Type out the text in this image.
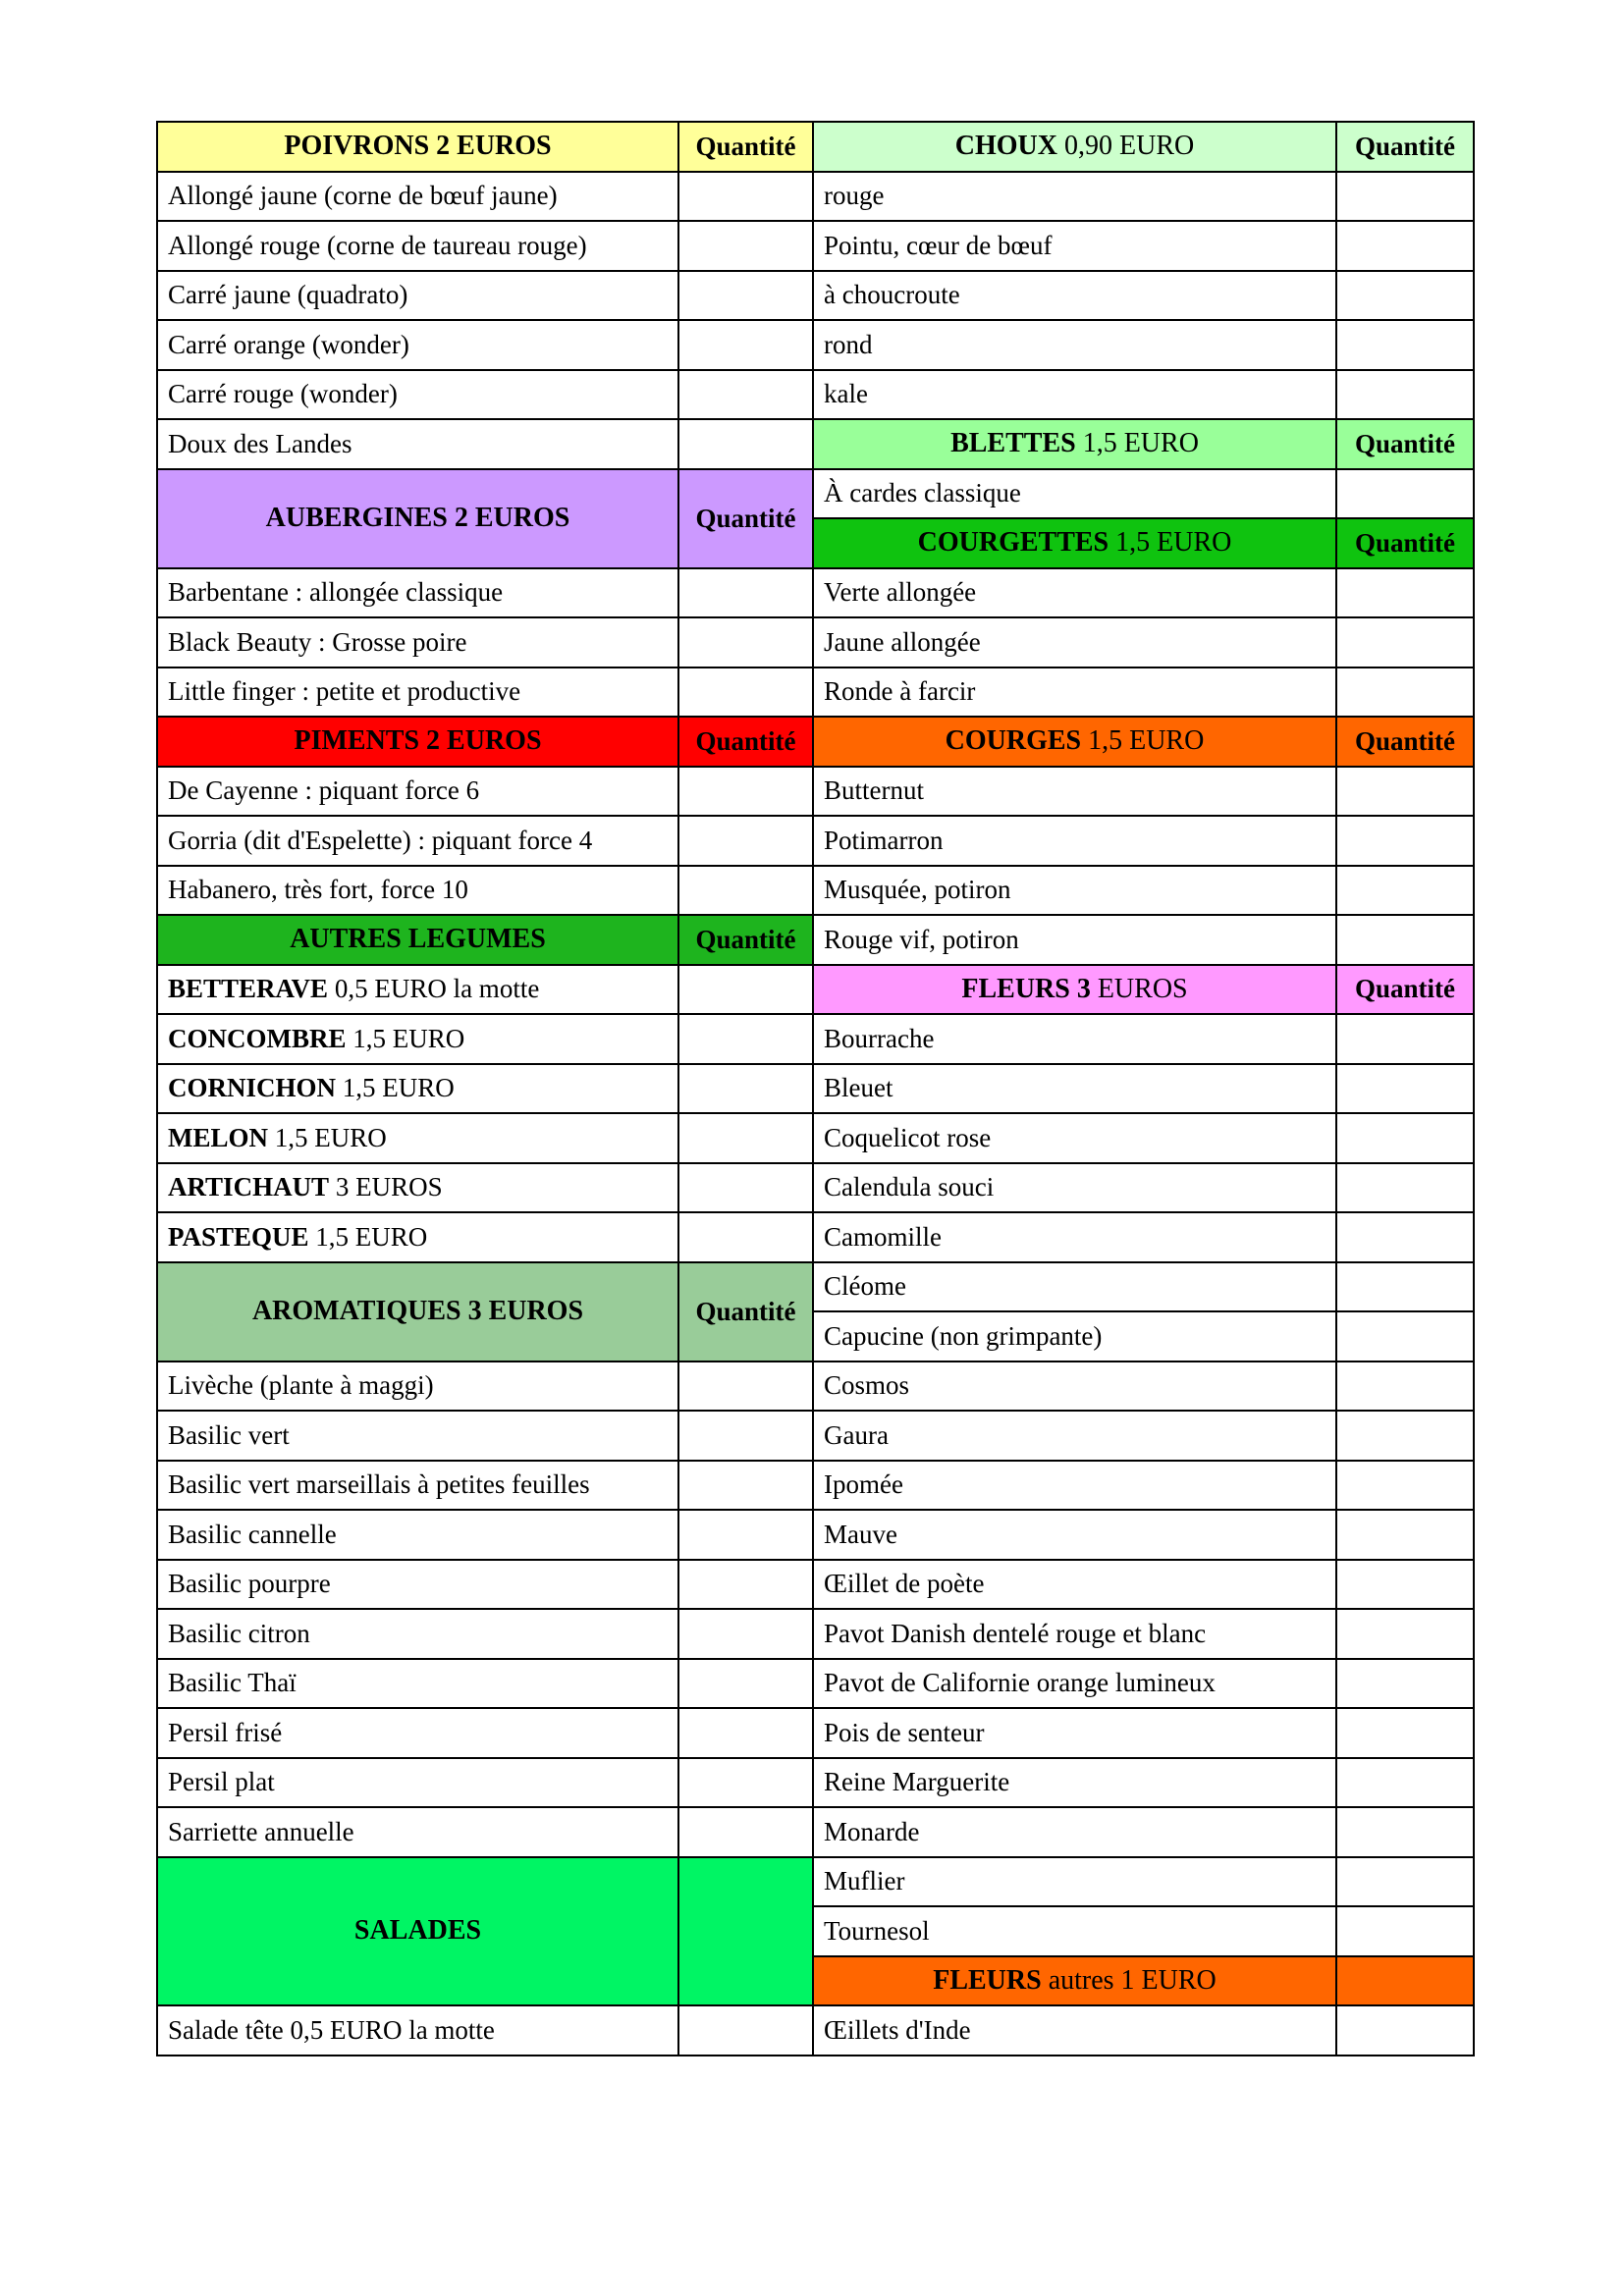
POIVRONS 2 EUROS	Quantité	CHOUX 0,90 EURO	Quantité
Allongé jaune (corne de bœuf jaune)		rouge	
Allongé rouge (corne de taureau rouge)		Pointu, cœur de bœuf	
Carré jaune (quadrato)		à choucroute	
Carré orange (wonder)		rond	
Carré rouge (wonder)		kale	
Doux des Landes		BLETTES 1,5 EURO	Quantité
AUBERGINES 2 EUROS	Quantité	À cardes classique	
		COURGETTES 1,5 EURO	Quantité
Barbentane : allongée classique		Verte allongée	
Black Beauty : Grosse poire		Jaune allongée	
Little finger : petite et productive		Ronde à farcir	
PIMENTS 2 EUROS	Quantité	COURGES 1,5 EURO	Quantité
De Cayenne : piquant force 6		Butternut	
Gorria (dit d'Espelette) : piquant force 4		Potimarron	
Habanero, très fort, force 10		Musquée, potiron	
AUTRES LEGUMES	Quantité	Rouge vif, potiron	
BETTERAVE 0,5 EURO la motte		FLEURS 3 EUROS	Quantité
CONCOMBRE 1,5 EURO		Bourrache	
CORNICHON 1,5 EURO		Bleuet	
MELON 1,5 EURO		Coquelicot rose	
ARTICHAUT 3 EUROS		Calendula souci	
PASTEQUE 1,5 EURO		Camomille	
AROMATIQUES 3 EUROS	Quantité	Cléome	
		Capucine (non grimpante)	
Livèche (plante à maggi)		Cosmos	
Basilic vert		Gaura	
Basilic vert marseillais à petites feuilles		Ipomée	
Basilic cannelle		Mauve	
Basilic pourpre		Œillet de poète	
Basilic citron		Pavot Danish dentelé rouge et blanc	
Basilic Thaï		Pavot de Californie orange lumineux	
Persil frisé		Pois de senteur	
Persil plat		Reine Marguerite	
Sarriette annuelle		Monarde	
SALADES		Muflier	
		Tournesol	
		FLEURS autres 1 EURO	
Salade tête 0,5 EURO la motte		Œillets d'Inde	
